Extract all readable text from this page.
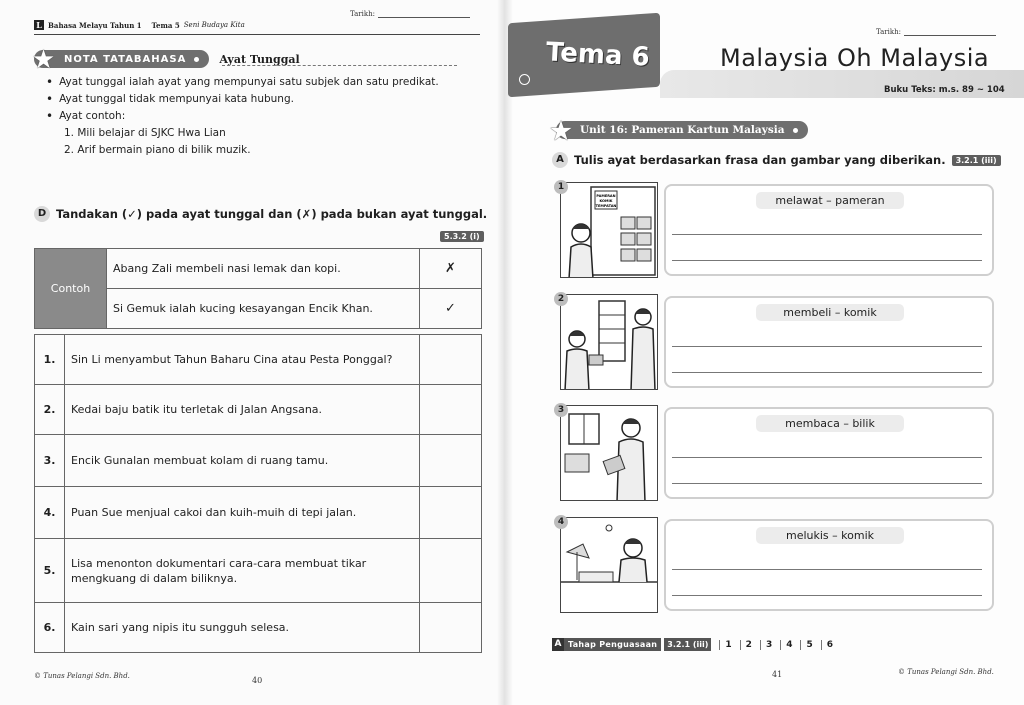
L Bahasa Melayu Tahun 1 Tema 5 Seni Budaya Kita
Tarikh:
★ NOTA TATABAHASA	Ayat Tunggal
• Ayat tunggal ialah ayat yang mempunyai satu subjek dan satu predikat.
• Ayat tunggal tidak mempunyai kata hubung.
• Ayat contoh:
1. Mili belajar di SJKC Hwa Lian
2. Arif bermain piano di bilik muzik.
D Tandakan (✓) pada ayat tunggal dan (✗) pada bukan ayat tunggal.
5.3.2 (i)
Contoh	Abang Zali membeli nasi lemak dan kopi.	✗
	Si Gemuk ialah kucing kesayangan Encik Khan.	✓
1.	Sin Li menyambut Tahun Baharu Cina atau Pesta Ponggal?	
2.	Kedai baju batik itu terletak di Jalan Angsana.	
3.	Encik Gunalan membuat kolam di ruang tamu.	
4.	Puan Sue menjual cakoi dan kuih-muih di tepi jalan.	
5.	Lisa menonton dokumentari cara-cara membuat tikar mengkuang di dalam biliknya.	
6.	Kain sari yang nipis itu sungguh selesa.	
© Tunas Pelangi Sdn. Bhd.	40
Tarikh:
Tema 6	Malaysia Oh Malaysia
Buku Teks: m.s. 89 ~ 104
★ Unit 16: Pameran Kartun Malaysia
A Tulis ayat berdasarkan frasa dan gambar yang diberikan.	3.2.1 (iii)
PAMERAN
KOMIK
TEMPATAN
1
melawat – pameran
2
membeli – komik
3
membaca – bilik
4
melukis – komik
A Tahap Penguasaan	3.2.1 (iii)	1	2	3	4	5	6
41	© Tunas Pelangi Sdn. Bhd.
